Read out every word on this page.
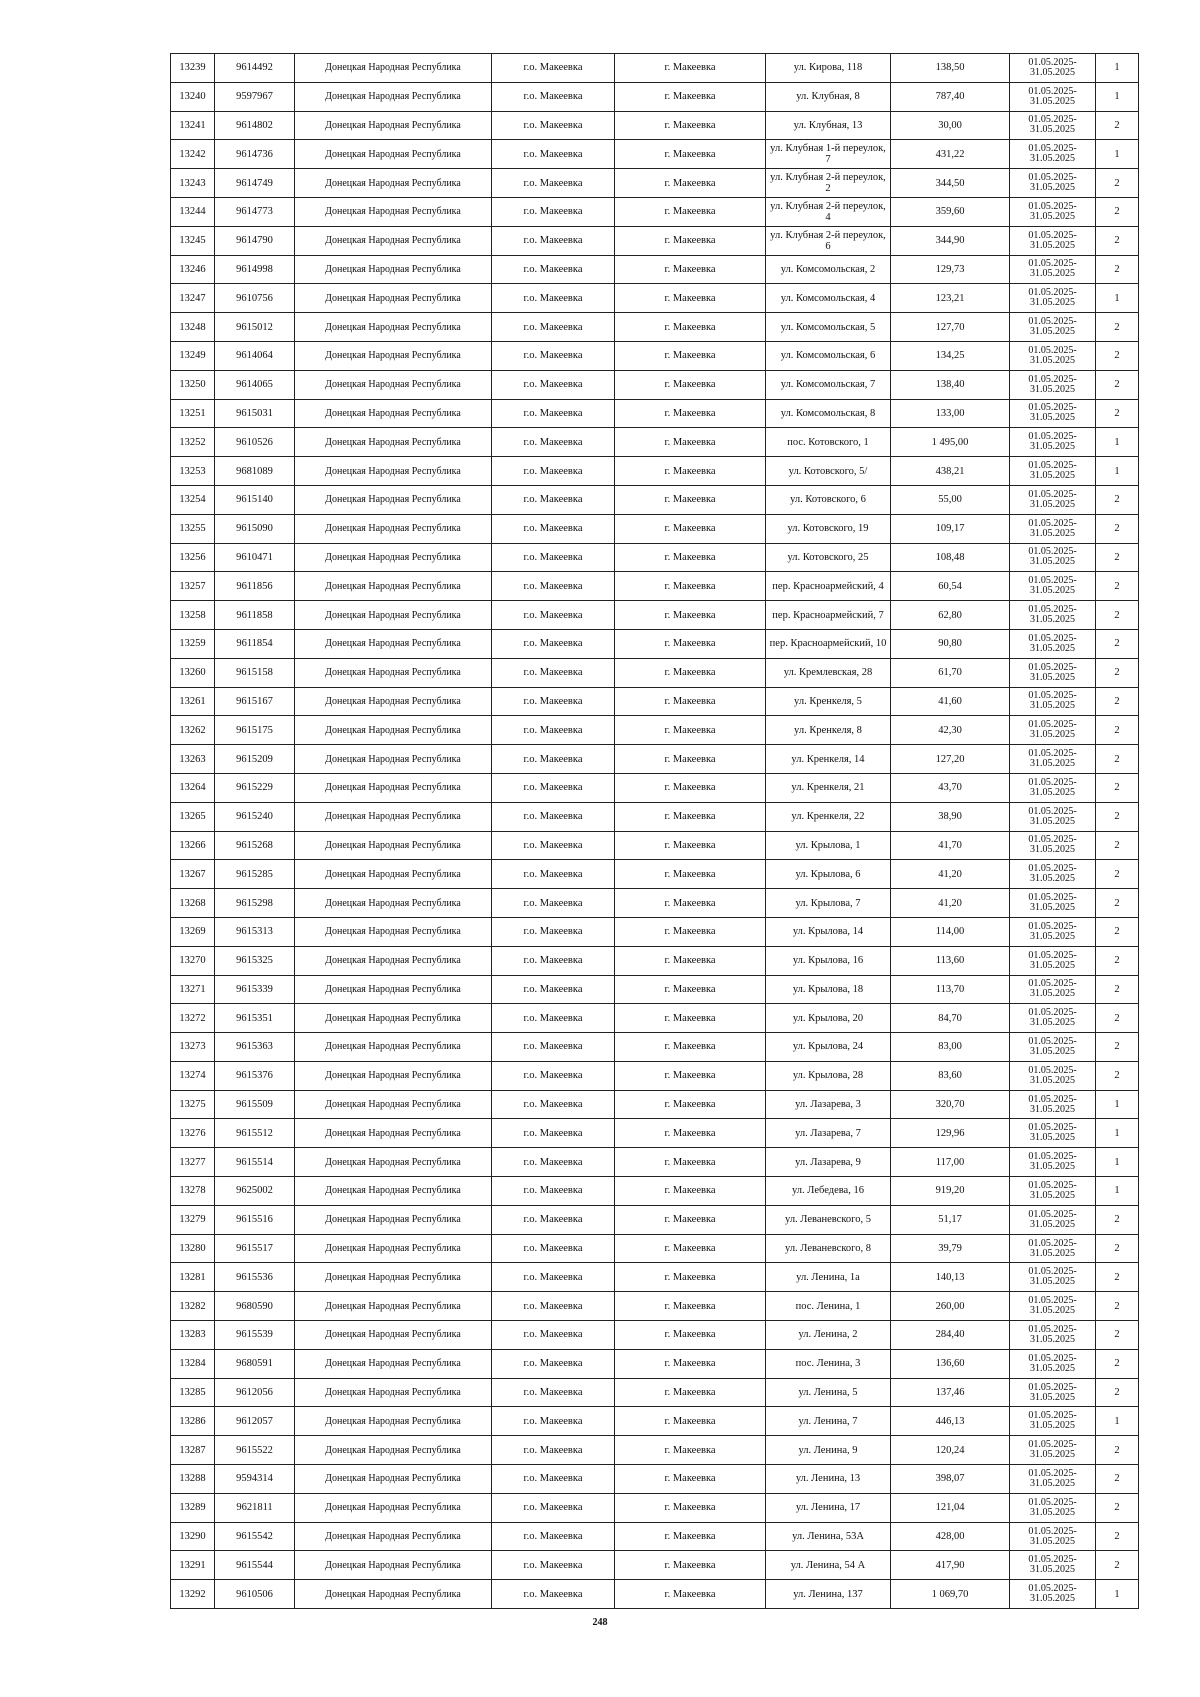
13239	9614492	Донецкая Народная Республика	г.о. Макеевка	г. Макеевка	ул. Кирова, 118	138,50	01.05.2025-31.05.2025	1
13240	9597967	Донецкая Народная Республика	г.о. Макеевка	г. Макеевка	ул. Клубная, 8	787,40	01.05.2025-31.05.2025	1
13241	9614802	Донецкая Народная Республика	г.о. Макеевка	г. Макеевка	ул. Клубная, 13	30,00	01.05.2025-31.05.2025	2
13242	9614736	Донецкая Народная Республика	г.о. Макеевка	г. Макеевка	ул. Клубная 1-й переулок, 7	431,22	01.05.2025-31.05.2025	1
13243	9614749	Донецкая Народная Республика	г.о. Макеевка	г. Макеевка	ул. Клубная 2-й переулок, 2	344,50	01.05.2025-31.05.2025	2
13244	9614773	Донецкая Народная Республика	г.о. Макеевка	г. Макеевка	ул. Клубная 2-й переулок, 4	359,60	01.05.2025-31.05.2025	2
13245	9614790	Донецкая Народная Республика	г.о. Макеевка	г. Макеевка	ул. Клубная 2-й переулок, 6	344,90	01.05.2025-31.05.2025	2
13246	9614998	Донецкая Народная Республика	г.о. Макеевка	г. Макеевка	ул. Комсомольская, 2	129,73	01.05.2025-31.05.2025	2
13247	9610756	Донецкая Народная Республика	г.о. Макеевка	г. Макеевка	ул. Комсомольская, 4	123,21	01.05.2025-31.05.2025	1
13248	9615012	Донецкая Народная Республика	г.о. Макеевка	г. Макеевка	ул. Комсомольская, 5	127,70	01.05.2025-31.05.2025	2
13249	9614064	Донецкая Народная Республика	г.о. Макеевка	г. Макеевка	ул. Комсомольская, 6	134,25	01.05.2025-31.05.2025	2
13250	9614065	Донецкая Народная Республика	г.о. Макеевка	г. Макеевка	ул. Комсомольская, 7	138,40	01.05.2025-31.05.2025	2
13251	9615031	Донецкая Народная Республика	г.о. Макеевка	г. Макеевка	ул. Комсомольская, 8	133,00	01.05.2025-31.05.2025	2
13252	9610526	Донецкая Народная Республика	г.о. Макеевка	г. Макеевка	пос. Котовского, 1	1 495,00	01.05.2025-31.05.2025	1
13253	9681089	Донецкая Народная Республика	г.о. Макеевка	г. Макеевка	ул. Котовского, 5/	438,21	01.05.2025-31.05.2025	1
13254	9615140	Донецкая Народная Республика	г.о. Макеевка	г. Макеевка	ул. Котовского, 6	55,00	01.05.2025-31.05.2025	2
13255	9615090	Донецкая Народная Республика	г.о. Макеевка	г. Макеевка	ул. Котовского, 19	109,17	01.05.2025-31.05.2025	2
13256	9610471	Донецкая Народная Республика	г.о. Макеевка	г. Макеевка	ул. Котовского, 25	108,48	01.05.2025-31.05.2025	2
13257	9611856	Донецкая Народная Республика	г.о. Макеевка	г. Макеевка	пер. Красноармейский, 4	60,54	01.05.2025-31.05.2025	2
13258	9611858	Донецкая Народная Республика	г.о. Макеевка	г. Макеевка	пер. Красноармейский, 7	62,80	01.05.2025-31.05.2025	2
13259	9611854	Донецкая Народная Республика	г.о. Макеевка	г. Макеевка	пер. Красноармейский, 10	90,80	01.05.2025-31.05.2025	2
13260	9615158	Донецкая Народная Республика	г.о. Макеевка	г. Макеевка	ул. Кремлевская, 28	61,70	01.05.2025-31.05.2025	2
13261	9615167	Донецкая Народная Республика	г.о. Макеевка	г. Макеевка	ул. Кренкеля, 5	41,60	01.05.2025-31.05.2025	2
13262	9615175	Донецкая Народная Республика	г.о. Макеевка	г. Макеевка	ул. Кренкеля, 8	42,30	01.05.2025-31.05.2025	2
13263	9615209	Донецкая Народная Республика	г.о. Макеевка	г. Макеевка	ул. Кренкеля, 14	127,20	01.05.2025-31.05.2025	2
13264	9615229	Донецкая Народная Республика	г.о. Макеевка	г. Макеевка	ул. Кренкеля, 21	43,70	01.05.2025-31.05.2025	2
13265	9615240	Донецкая Народная Республика	г.о. Макеевка	г. Макеевка	ул. Кренкеля, 22	38,90	01.05.2025-31.05.2025	2
13266	9615268	Донецкая Народная Республика	г.о. Макеевка	г. Макеевка	ул. Крылова, 1	41,70	01.05.2025-31.05.2025	2
13267	9615285	Донецкая Народная Республика	г.о. Макеевка	г. Макеевка	ул. Крылова, 6	41,20	01.05.2025-31.05.2025	2
13268	9615298	Донецкая Народная Республика	г.о. Макеевка	г. Макеевка	ул. Крылова, 7	41,20	01.05.2025-31.05.2025	2
13269	9615313	Донецкая Народная Республика	г.о. Макеевка	г. Макеевка	ул. Крылова, 14	114,00	01.05.2025-31.05.2025	2
13270	9615325	Донецкая Народная Республика	г.о. Макеевка	г. Макеевка	ул. Крылова, 16	113,60	01.05.2025-31.05.2025	2
13271	9615339	Донецкая Народная Республика	г.о. Макеевка	г. Макеевка	ул. Крылова, 18	113,70	01.05.2025-31.05.2025	2
13272	9615351	Донецкая Народная Республика	г.о. Макеевка	г. Макеевка	ул. Крылова, 20	84,70	01.05.2025-31.05.2025	2
13273	9615363	Донецкая Народная Республика	г.о. Макеевка	г. Макеевка	ул. Крылова, 24	83,00	01.05.2025-31.05.2025	2
13274	9615376	Донецкая Народная Республика	г.о. Макеевка	г. Макеевка	ул. Крылова, 28	83,60	01.05.2025-31.05.2025	2
13275	9615509	Донецкая Народная Республика	г.о. Макеевка	г. Макеевка	ул. Лазарева, 3	320,70	01.05.2025-31.05.2025	1
13276	9615512	Донецкая Народная Республика	г.о. Макеевка	г. Макеевка	ул. Лазарева, 7	129,96	01.05.2025-31.05.2025	1
13277	9615514	Донецкая Народная Республика	г.о. Макеевка	г. Макеевка	ул. Лазарева, 9	117,00	01.05.2025-31.05.2025	1
13278	9625002	Донецкая Народная Республика	г.о. Макеевка	г. Макеевка	ул. Лебедева, 16	919,20	01.05.2025-31.05.2025	1
13279	9615516	Донецкая Народная Республика	г.о. Макеевка	г. Макеевка	ул. Леваневского, 5	51,17	01.05.2025-31.05.2025	2
13280	9615517	Донецкая Народная Республика	г.о. Макеевка	г. Макеевка	ул. Леваневского, 8	39,79	01.05.2025-31.05.2025	2
13281	9615536	Донецкая Народная Республика	г.о. Макеевка	г. Макеевка	ул. Ленина, 1а	140,13	01.05.2025-31.05.2025	2
13282	9680590	Донецкая Народная Республика	г.о. Макеевка	г. Макеевка	пос. Ленина, 1	260,00	01.05.2025-31.05.2025	2
13283	9615539	Донецкая Народная Республика	г.о. Макеевка	г. Макеевка	ул. Ленина, 2	284,40	01.05.2025-31.05.2025	2
13284	9680591	Донецкая Народная Республика	г.о. Макеевка	г. Макеевка	пос. Ленина, 3	136,60	01.05.2025-31.05.2025	2
13285	9612056	Донецкая Народная Республика	г.о. Макеевка	г. Макеевка	ул. Ленина, 5	137,46	01.05.2025-31.05.2025	2
13286	9612057	Донецкая Народная Республика	г.о. Макеевка	г. Макеевка	ул. Ленина, 7	446,13	01.05.2025-31.05.2025	1
13287	9615522	Донецкая Народная Республика	г.о. Макеевка	г. Макеевка	ул. Ленина, 9	120,24	01.05.2025-31.05.2025	2
13288	9594314	Донецкая Народная Республика	г.о. Макеевка	г. Макеевка	ул. Ленина, 13	398,07	01.05.2025-31.05.2025	2
13289	9621811	Донецкая Народная Республика	г.о. Макеевка	г. Макеевка	ул. Ленина, 17	121,04	01.05.2025-31.05.2025	2
13290	9615542	Донецкая Народная Республика	г.о. Макеевка	г. Макеевка	ул. Ленина, 53А	428,00	01.05.2025-31.05.2025	2
13291	9615544	Донецкая Народная Республика	г.о. Макеевка	г. Макеевка	ул. Ленина, 54 А	417,90	01.05.2025-31.05.2025	2
13292	9610506	Донецкая Народная Республика	г.о. Макеевка	г. Макеевка	ул. Ленина, 137	1 069,70	01.05.2025-31.05.2025	1
248
